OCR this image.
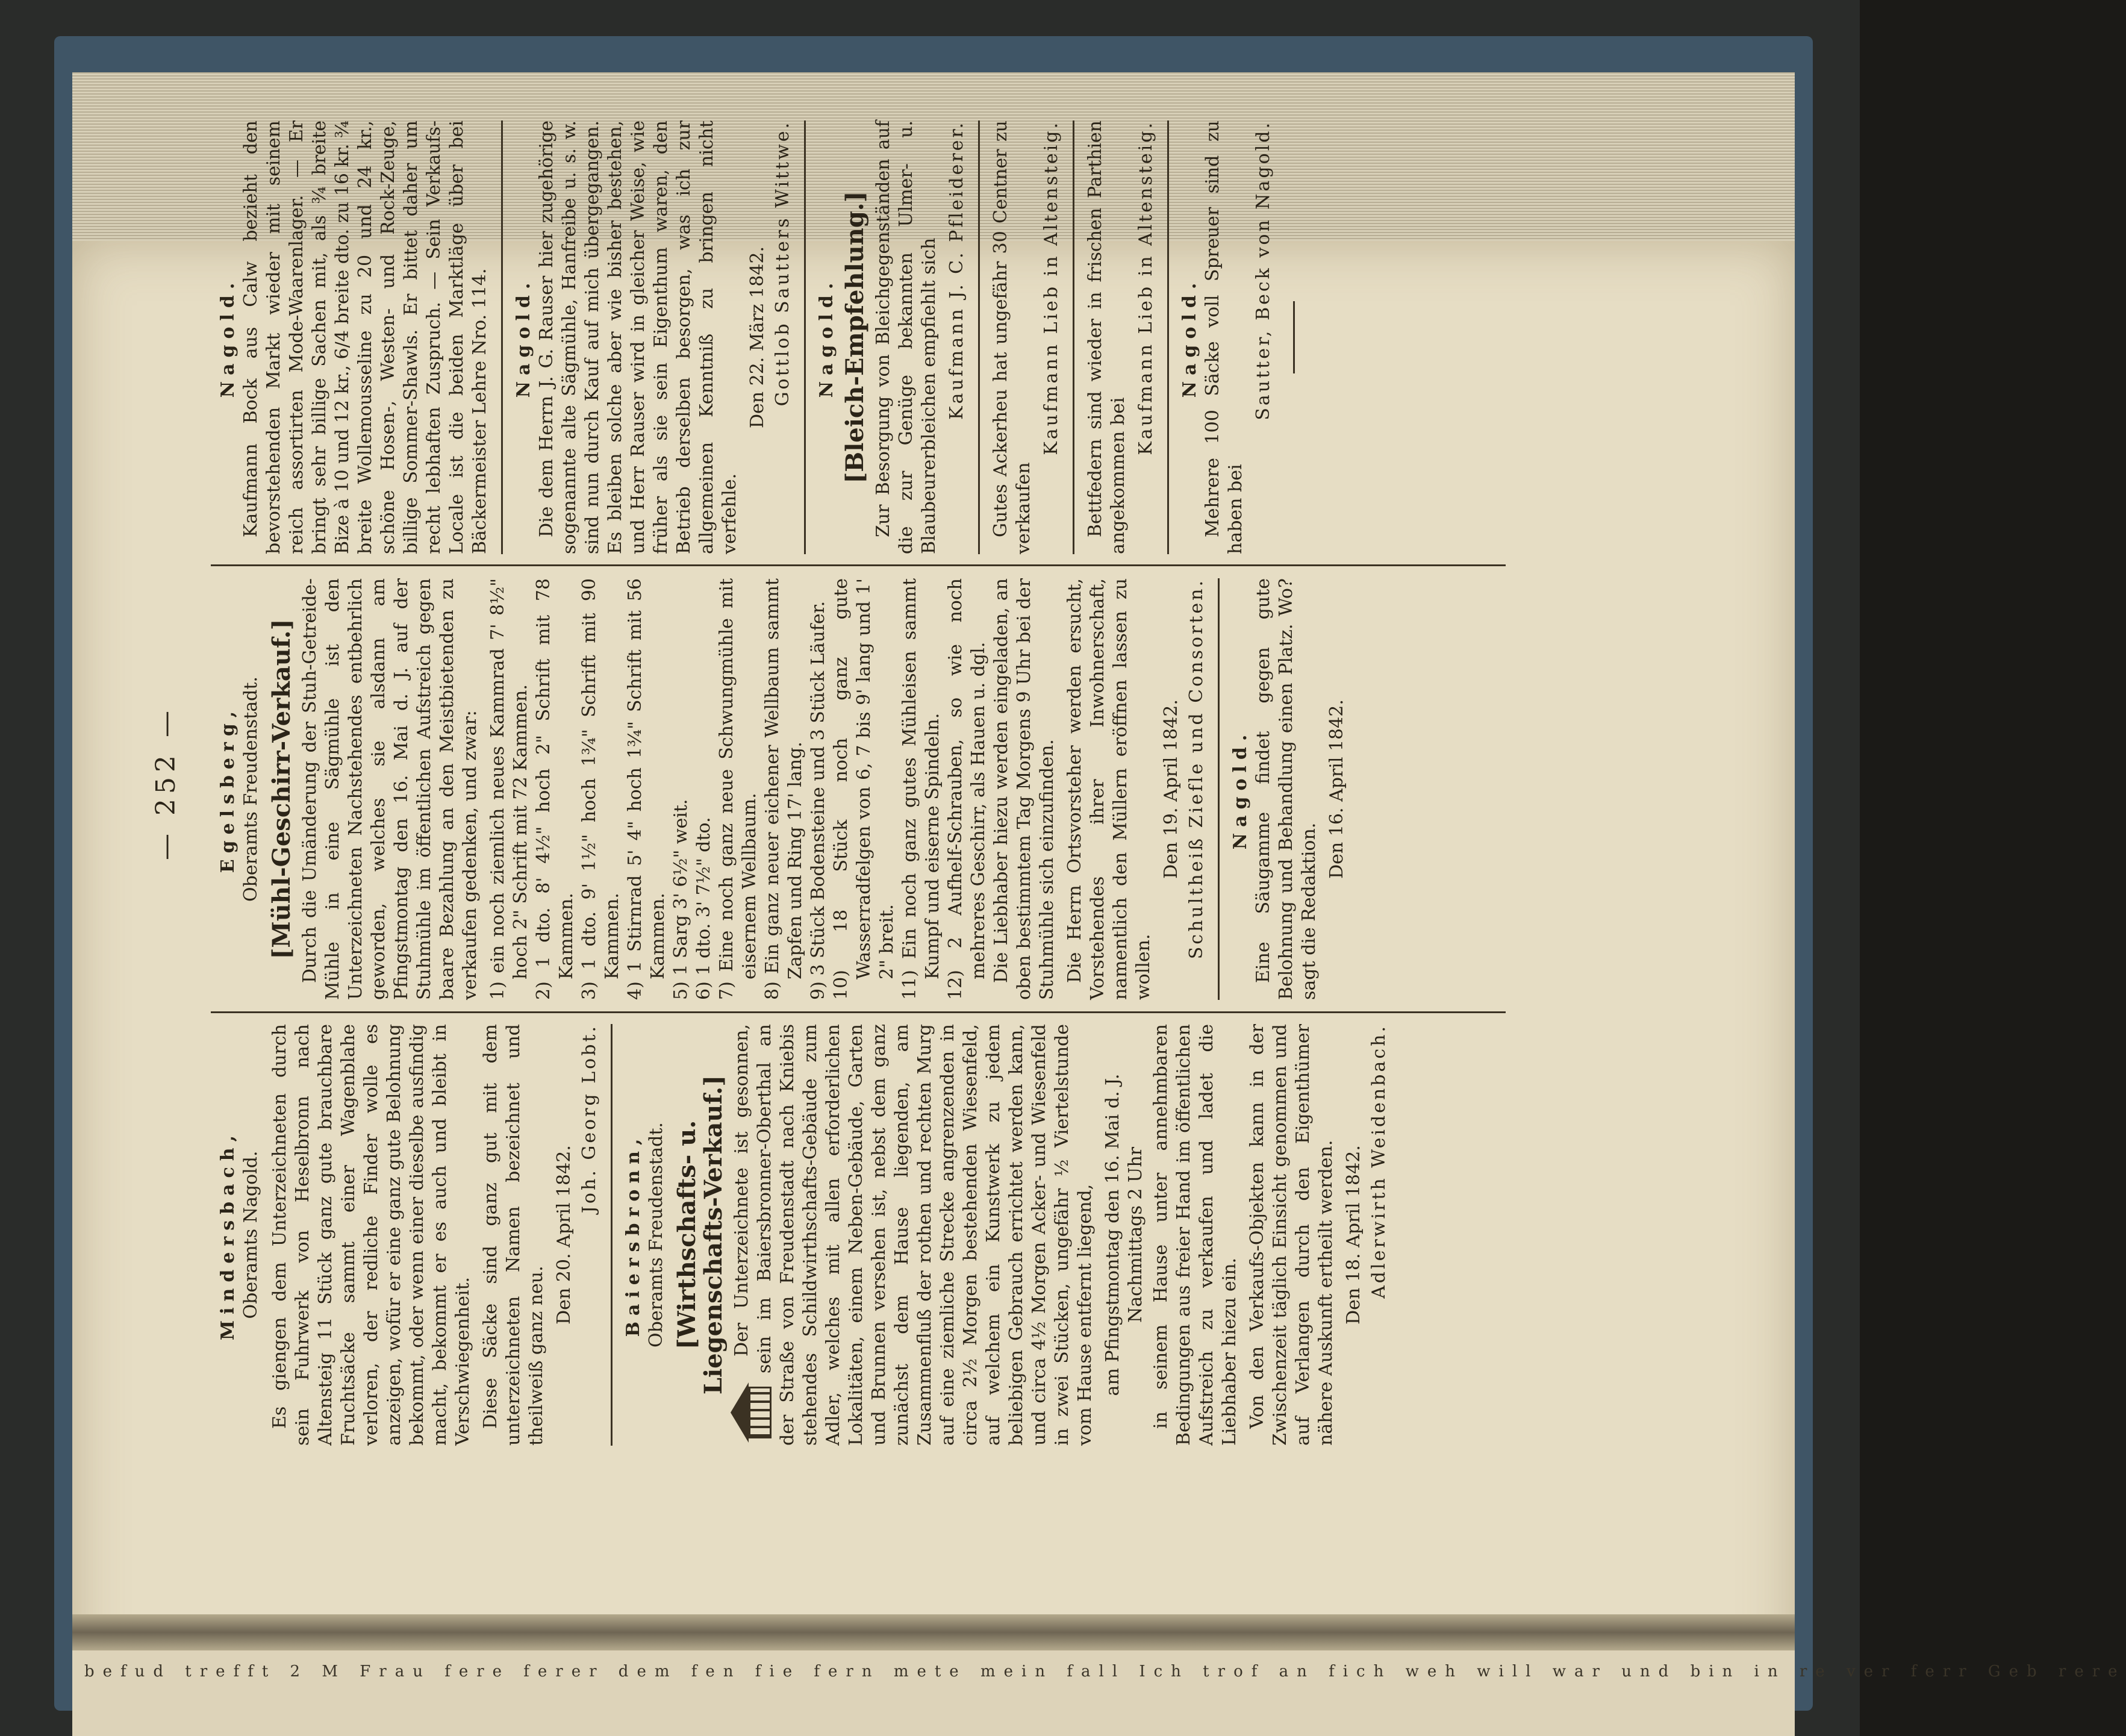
befud trefft 2 M Frau fere ferer dem fen fie fern mete mein fall Ich trof an fich weh will war und bin in re ver ferr Geb rere
— 252 —
Mindersbach, Oberamts Nagold. Es giengen dem Unterzeichneten durch sein Fuhrwerk von Heselbronn nach Altensteig 11 Stück ganz gute brauchbare Fruchtsäcke sammt einer Wagenblahe verloren, der redliche Finder wolle es anzeigen, wofür er eine ganz gute Belohnung bekommt, oder wenn einer dieselbe ausfindig macht, bekommt er es auch und bleibt in Verschwiegenheit. Diese Säcke sind ganz gut mit dem unterzeichneten Namen bezeichnet und theilweiß ganz neu.

Den 20. April 1842.
Joh. Georg Lobt.
Baiersbronn, Oberamts Freudenstadt. [Wirthschafts- u. Liegenschafts-Verkauf.] Der Unterzeichnete ist gesonnen, sein im Baiersbronner-Oberthal an der Straße von Freudenstadt nach Kniebis stehendes Schildwirthschafts-Gebäude zum Adler, welches mit allen erforderlichen Lokalitäten, einem Neben-Gebäude, Garten und Brunnen versehen ist, nebst dem ganz zunächst dem Hause liegenden, am Zusammenfluß der rothen und rechten Murg auf eine ziemliche Strecke angrenzenden in circa 2½ Morgen bestehenden Wiesenfeld, auf welchem ein Kunstwerk zu jedem beliebigen Gebrauch errichtet werden kann, und circa 4½ Morgen Acker- und Wiesenfeld in zwei Stücken, ungefähr ½ Viertelstunde vom Hause entfernt liegend, am Pfingstmontag den 16. Mai d. J. Nachmittags 2 Uhr in seinem Hause unter annehmbaren Bedingungen aus freier Hand im öffentlichen Aufstreich zu verkaufen und ladet die Liebhaber hiezu ein. Von den Verkaufs-Objekten kann in der Zwischenzeit täglich Einsicht genommen und auf Verlangen durch den Eigenthümer nähere Auskunft ertheilt werden. Den 18. April 1842. Adlerwirth Weidenbach.
Egelsberg, Oberamts Freudenstadt. [Mühl-Geschirr-Verkauf.] Durch die Umänderung der Stuh-Getreide-Mühle in eine Sägmühle ist den Unterzeichneten Nachstehendes entbehrlich geworden, welches sie alsdann am Pfingstmontag den 16. Mai d. J. auf der Stuhmühle im öffentlichen Aufstreich gegen baare Bezahlung an den Meistbietenden zu verkaufen gedenken, und zwar: 1) ein noch ziemlich neues Kammrad 7' 8½" hoch 2" Schrift mit 72 Kammen. 2) 1 dto. 8' 4½" hoch 2" Schrift mit 78 Kammen. 3) 1 dto. 9' 1½" hoch 1¾" Schrift mit 90 Kammen. 4) 1 Stirnrad 5' 4" hoch 1¾" Schrift mit 56 Kammen. 5) 1 Sarg 3' 6½" weit. 6) 1 dto. 3' 7½" dto. 7) Eine noch ganz neue Schwungmühle mit eisernem Wellbaum. 8) Ein ganz neuer eichener Wellbaum sammt Zapfen und Ring 17' lang. 9) 3 Stück Bodensteine und 3 Stück Läufer. 10) 18 Stück noch ganz gute Wasserradfelgen von 6, 7 bis 9' lang und 1' 2" breit. 11) Ein noch ganz gutes Mühleisen sammt Kumpf und eiserne Spindeln. 12) 2 Aufhelf-Schrauben, so wie noch mehreres Geschirr, als Hauen u. dgl. Die Liebhaber hiezu werden eingeladen, an oben bestimmtem Tag Morgens 9 Uhr bei der Stuhmühle sich einzufinden. Die Herrn Ortsvorsteher werden ersucht, Vorstehendes ihrer Inwohnerschaft, namentlich den Müllern eröffnen lassen zu wollen.

Den 19. April 1842. Schultheiß Ziefle und Consorten. Nagold. Eine Säugamme findet gegen gute Belohnung und Behandlung einen Platz. Wo? sagt die Redaktion.

Den 16. April 1842.
Nagold. Kaufmann Bock aus Calw bezieht den bevorstehenden Markt wieder mit seinem reich assortirten Mode-Waarenlager. — Er bringt sehr billige Sachen mit, als ¾ breite Bize à 10 und 12 kr., 6/4 breite dto. zu 16 kr. ¾ breite Wollemousseline zu 20 und 24 kr., schöne Hosen-, Westen- und Rock-Zeuge, billige Sommer-Shawls. Er bittet daher um recht lebhaften Zuspruch. — Sein Verkaufs-Locale ist die beiden Marktläge über bei Bäckermeister Lehre Nro. 114. Nagold. Die dem Herrn J. G. Rauser hier zugehörige sogenannte alte Sägmühle, Hanfreibe u. s. w. sind nun durch Kauf auf mich übergegangen. Es bleiben solche aber wie bisher bestehen, und Herr Rauser wird in gleicher Weise, wie früher als sie sein Eigenthum waren, den Betrieb derselben besorgen, was ich zur allgemeinen Kenntniß zu bringen nicht verfehle.

Den 22. März 1842. Gottlob Sautters Wittwe. Nagold. [Bleich-Empfehlung.] Zur Besorgung von Bleichgegenständen auf die zur Genüge bekannten Ulmer- u. Blaubeurerbleichen empfiehlt sich Kaufmann J. C. Pfleiderer. Gutes Ackerheu hat ungefähr 30 Centner zu verkaufen

Kaufmann Lieb in Altensteig. Bettfedern sind wieder in frischen Parthien angekommen bei

Kaufmann Lieb in Altensteig. Nagold. Mehrere 100 Säcke voll Spreuer sind zu haben bei

Sautter, Beck von Nagold.
